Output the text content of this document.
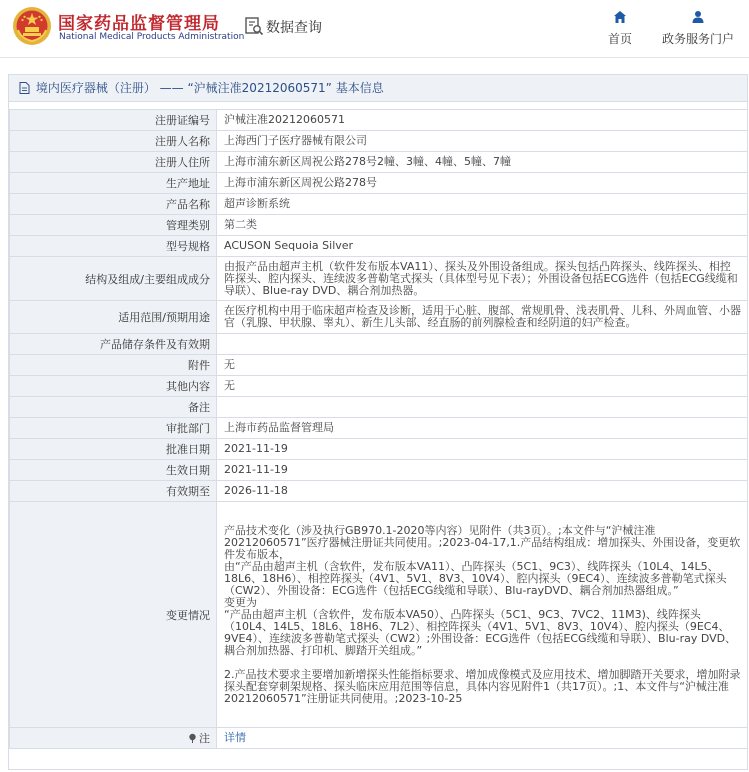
国家药品监督管理局
National Medical Products Administration
数据查询
首页	政务服务门户
境内医疗器械（注册） —— “沪械注准20212060571” 基本信息
注册证编号	沪械注准20212060571
注册人名称	上海西门子医疗器械有限公司
注册人住所	上海市浦东新区周祝公路278号2幢、3幢、4幢、5幢、7幢
生产地址	上海市浦东新区周祝公路278号
产品名称	超声诊断系统
管理类别	第二类
型号规格	ACUSON Sequoia Silver
结构及组成/主要组成成分	由报产品由超声主机（软件发布版本VA11）、探头及外围设备组成。探头包括凸阵探头、线阵探头、相控阵探头、腔内探头、连续波多普勒笔式探头（具体型号见下表）；外围设备包括ECG选件（包括ECG线缆和导联）、Blue-ray DVD、耦合剂加热器。
适用范围/预期用途	在医疗机构中用于临床超声检查及诊断，适用于心脏、腹部、常规肌骨、浅表肌骨、儿科、外周血管、小器官（乳腺、甲状腺、睾丸）、新生儿头部、经直肠的前列腺检查和经阴道的妇产检查。
产品储存条件及有效期	
附件	无
其他内容	无
备注	
审批部门	上海市药品监督管理局
批准日期	2021-11-19
生效日期	2021-11-19
有效期至	2026-11-18
变更情况	产品技术变化（涉及执行GB970.1-2020等内容）见附件（共3页）。;本文件与“沪械注准20212060571”医疗器械注册证共同使用。;2023-04-17,1.产品结构组成：增加探头、外围设备，变更软件发布版本，
由“产品由超声主机（含软件，发布版本VA11）、凸阵探头（5C1、9C3）、线阵探头（10L4、14L5、18L6、18H6）、相控阵探头（4V1、5V1、8V3、10V4）、腔内探头（9EC4）、连续波多普勒笔式探头（CW2）、外围设备：ECG选件（包括ECG线缆和导联）、Blu-rayDVD、耦合剂加热器组成。”
变更为
“产品由超声主机（含软件，发布版本VA50）、凸阵探头（5C1、9C3、7VC2、11M3)、线阵探头（10L4、14L5、18L6、18H6、7L2）、相控阵探头（4V1、5V1、8V3、10V4）、腔内探头（9EC4、9VE4）、连续波多普勒笔式探头（CW2）;外围设备：ECG选件（包括ECG线缆和导联）、Blu-ray DVD、耦合剂加热器、打印机、脚踏开关组成。”

2.产品技术要求主要增加新增探头性能指标要求、增加成像模式及应用技术、增加脚踏开关要求，增加附录探头配套穿刺架规格、探头临床应用范围等信息，具体内容见附件1（共17页）。;1、本文件与“沪械注准20212060571”注册证共同使用。;2023-10-25
注	详情
